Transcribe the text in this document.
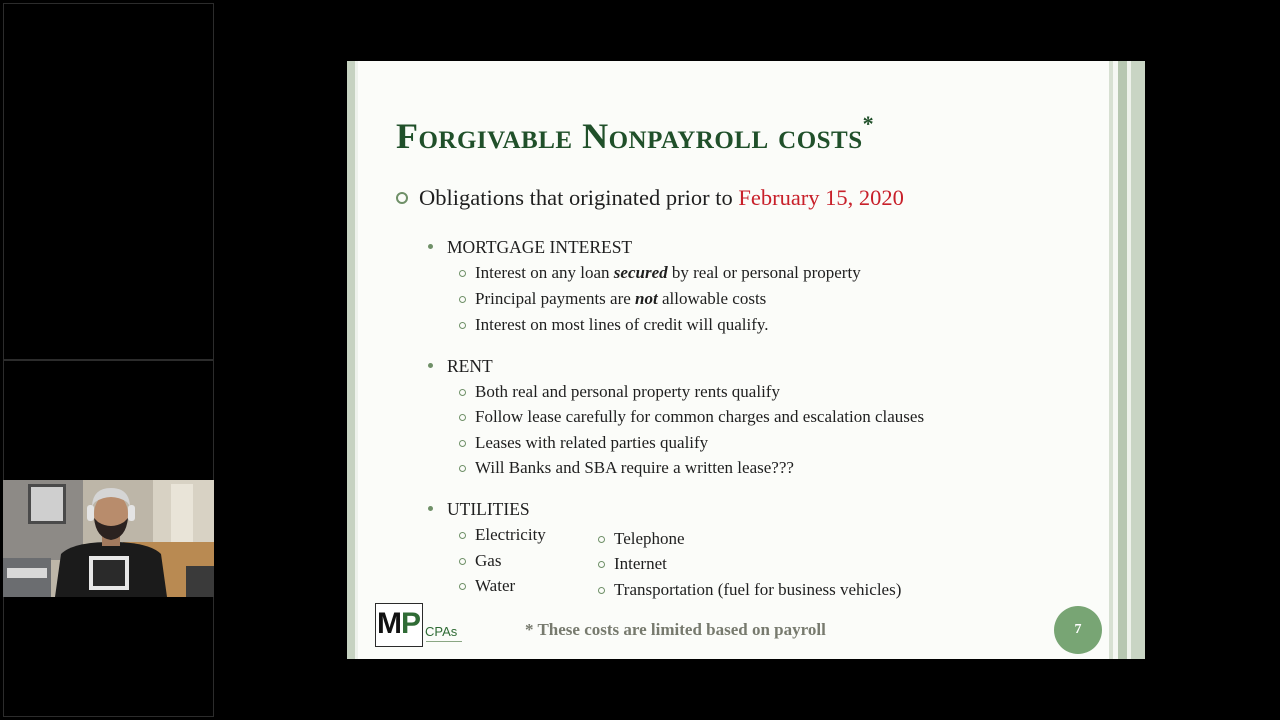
Forgivable Nonpayroll costs*
Obligations that originated prior to February 15, 2020
MORTGAGE INTEREST
Interest on any loan secured by real or personal property
Principal payments are not allowable costs
Interest on most lines of credit will qualify.
RENT
Both real and personal property rents qualify
Follow lease carefully for common charges and escalation clauses
Leases with related parties qualify
Will Banks and SBA require a written lease???
UTILITIES
Electricity
Gas
Water
Telephone
Internet
Transportation (fuel for business vehicles)
M P CPAs	* These costs are limited based on payroll	7
